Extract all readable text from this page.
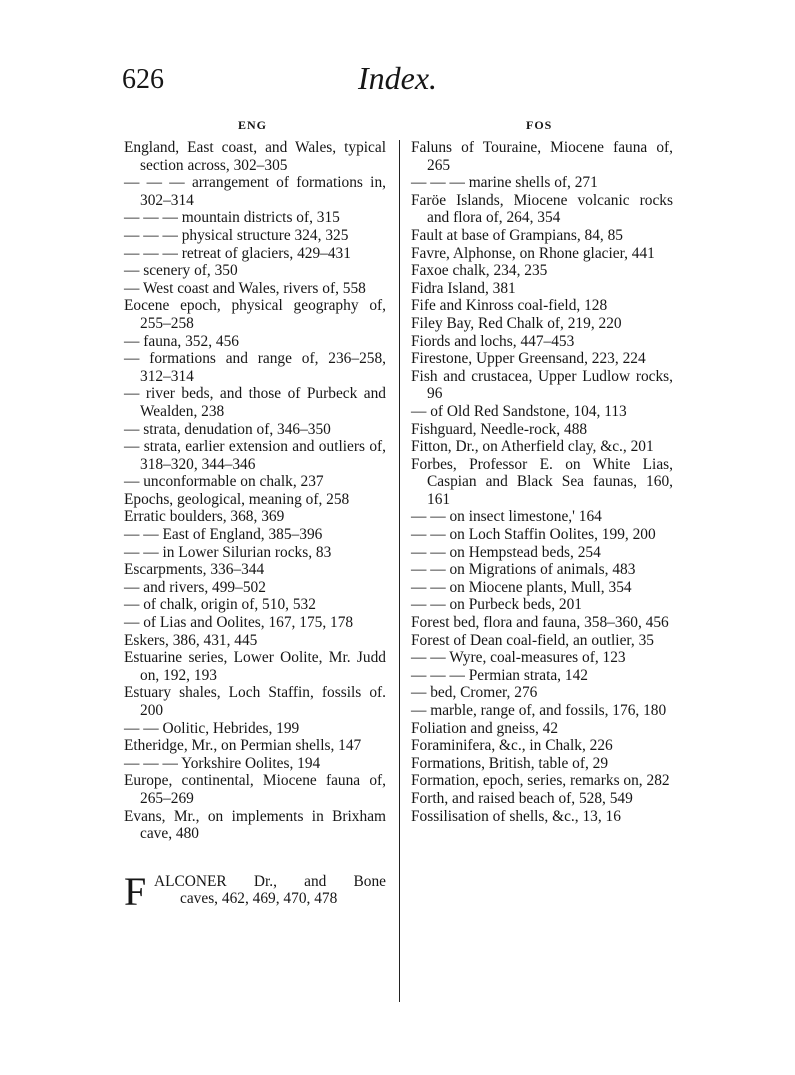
626	Index.
ENG	FOS
England, East coast, and Wales, typical section across, 302–305
— — — arrangement of formations in, 302–314
— — — mountain districts of, 315
— — — physical structure 324, 325
— — — retreat of glaciers, 429–431
— scenery of, 350
— West coast and Wales, rivers of, 558
Eocene epoch, physical geography of, 255–258
— fauna, 352, 456
— formations and range of, 236–258, 312–314
— river beds, and those of Purbeck and Wealden, 238
— strata, denudation of, 346–350
— strata, earlier extension and outliers of, 318–320, 344–346
— unconformable on chalk, 237
Epochs, geological, meaning of, 258
Erratic boulders, 368, 369
— — East of England, 385–396
— — in Lower Silurian rocks, 83
Escarpments, 336–344
— and rivers, 499–502
— of chalk, origin of, 510, 532
— of Lias and Oolites, 167, 175, 178
Eskers, 386, 431, 445
Estuarine series, Lower Oolite, Mr. Judd on, 192, 193
Estuary shales, Loch Staffin, fossils of. 200
— — Oolitic, Hebrides, 199
Etheridge, Mr., on Permian shells, 147
— — — Yorkshire Oolites, 194
Europe, continental, Miocene fauna of, 265–269
Evans, Mr., on implements in Brixham cave, 480
F ALCONER Dr., and Bone
caves, 462, 469, 470, 478
Faluns of Touraine, Miocene fauna of, 265
— — — marine shells of, 271
Faröe Islands, Miocene volcanic rocks and flora of, 264, 354
Fault at base of Grampians, 84, 85
Favre, Alphonse, on Rhone glacier, 441
Faxoe chalk, 234, 235
Fidra Island, 381
Fife and Kinross coal-field, 128
Filey Bay, Red Chalk of, 219, 220
Fiords and lochs, 447–453
Firestone, Upper Greensand, 223, 224
Fish and crustacea, Upper Ludlow rocks, 96
— of Old Red Sandstone, 104, 113
Fishguard, Needle-rock, 488
Fitton, Dr., on Atherfield clay, &c., 201
Forbes, Professor E. on White Lias, Caspian and Black Sea faunas, 160, 161
— — on insect limestone,' 164
— — on Loch Staffin Oolites, 199, 200
— — on Hempstead beds, 254
— — on Migrations of animals, 483
— — on Miocene plants, Mull, 354
— — on Purbeck beds, 201
Forest bed, flora and fauna, 358–360, 456
Forest of Dean coal-field, an outlier, 35
— — Wyre, coal-measures of, 123
— — — Permian strata, 142
— bed, Cromer, 276
— marble, range of, and fossils, 176, 180
Foliation and gneiss, 42
Foraminifera, &c., in Chalk, 226
Formations, British, table of, 29
Formation, epoch, series, remarks on, 282
Forth, and raised beach of, 528, 549
Fossilisation of shells, &c., 13, 16
